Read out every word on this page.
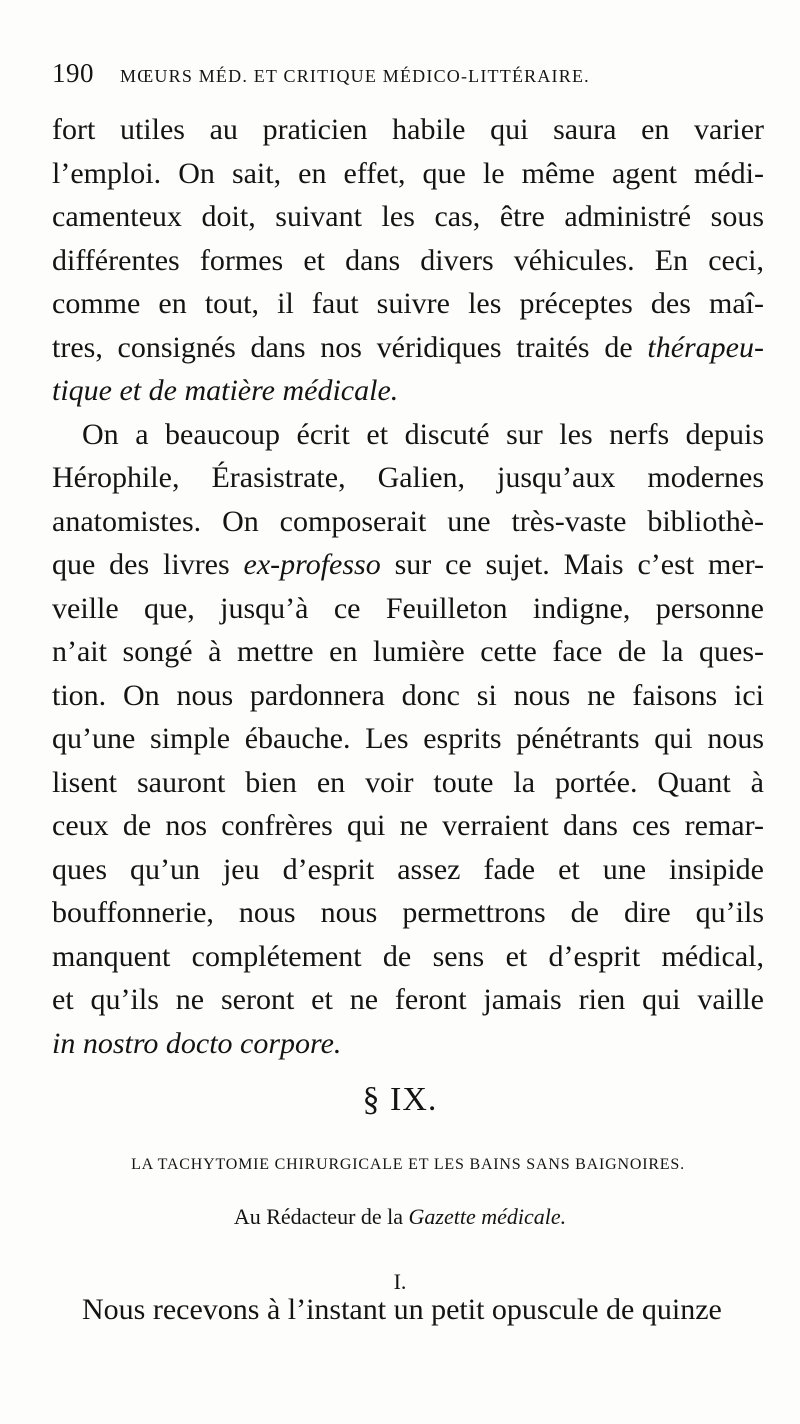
190 MŒURS MÉD. ET CRITIQUE MÉDICO-LITTÉRAIRE.
fort utiles au praticien habile qui saura en varier
l’emploi. On sait, en effet, que le même agent médi-
camenteux doit, suivant les cas, être administré sous
différentes formes et dans divers véhicules. En ceci,
comme en tout, il faut suivre les préceptes des maî-
tres, consignés dans nos véridiques traités de thérapeu-
tique et de matière médicale.
On a beaucoup écrit et discuté sur les nerfs depuis
Hérophile, Érasistrate, Galien, jusqu’aux modernes
anatomistes. On composerait une très-vaste bibliothè-
que des livres ex-professo sur ce sujet. Mais c’est mer-
veille que, jusqu’à ce Feuilleton indigne, personne
n’ait songé à mettre en lumière cette face de la ques-
tion. On nous pardonnera donc si nous ne faisons ici
qu’une simple ébauche. Les esprits pénétrants qui nous
lisent sauront bien en voir toute la portée. Quant à
ceux de nos confrères qui ne verraient dans ces remar-
ques qu’un jeu d’esprit assez fade et une insipide
bouffonnerie, nous nous permettrons de dire qu’ils
manquent complétement de sens et d’esprit médical,
et qu’ils ne seront et ne feront jamais rien qui vaille
in nostro docto corpore.
§ IX.
LA TACHYTOMIE CHIRURGICALE ET LES BAINS SANS BAIGNOIRES.
Au Rédacteur de la Gazette médicale.
I.
Nous recevons à l’instant un petit opuscule de quinze
